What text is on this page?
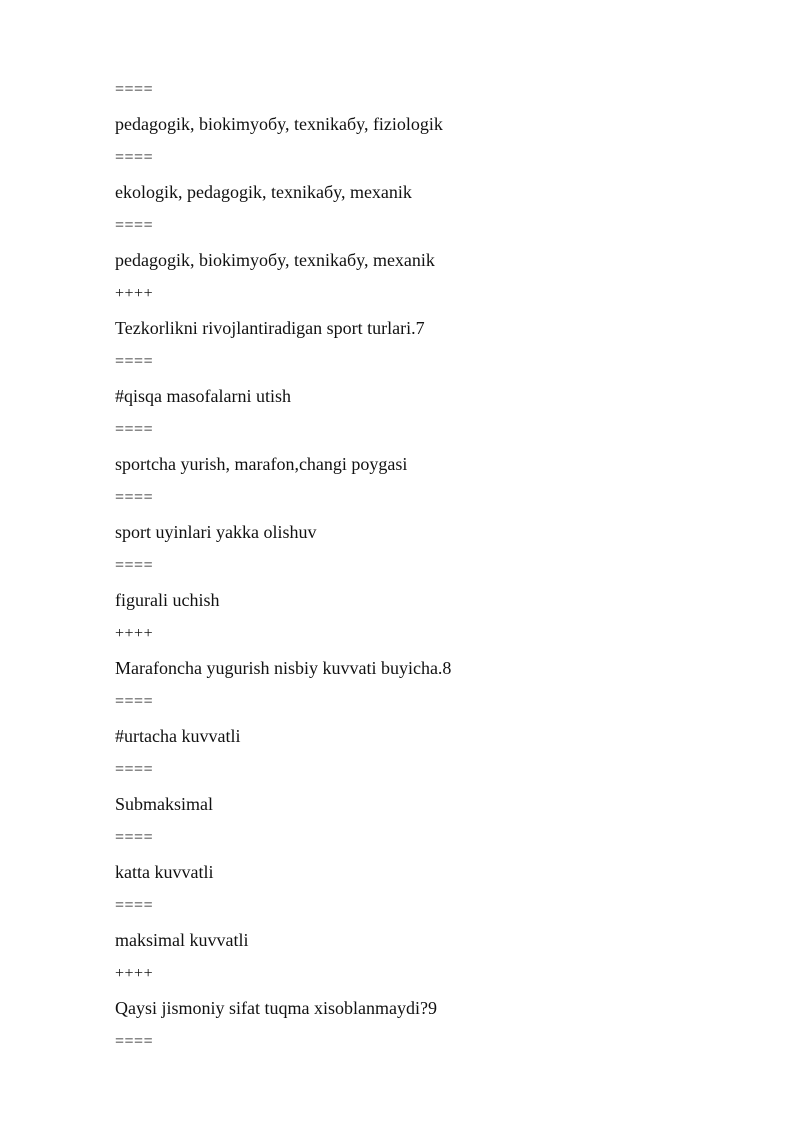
====
pedagogik, biokimyoбy, texnikaбy, fiziologik
====
ekologik, pedagogik, texnikaбy, mexanik
====
pedagogik, biokimyoбy, texnikaбy, mexanik
++++
Tezkorlikni rivojlantiradigan sport turlari.7
====
#qisqa masofalarni utish
====
sportcha yurish, marafon,changi poygasi
====
sport uyinlari yakka olishuv
====
figurali uchish
++++
Marafoncha yugurish nisbiy kuvvati buyicha.8
====
#urtacha kuvvatli
====
Submaksimal
====
katta kuvvatli
====
maksimal kuvvatli
++++
Qaysi jismoniy sifat tuqma xisoblanmaydi?9
====
